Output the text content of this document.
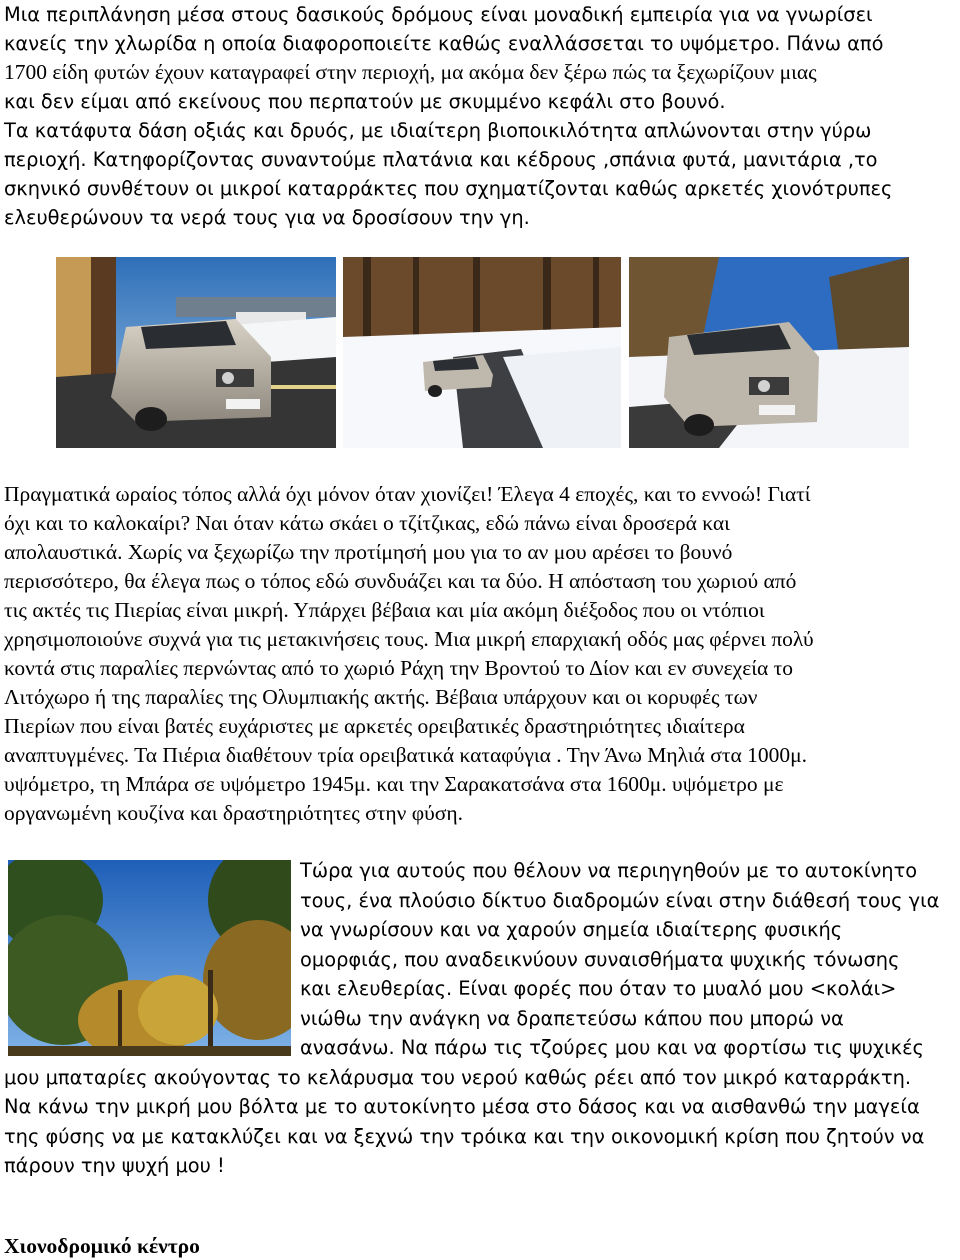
Μια περιπλάνηση μέσα στους δασικούς δρόμους είναι μοναδική εμπειρία για να γνωρίσει
κανείς την χλωρίδα η οποία διαφοροποιείτε καθώς εναλλάσσεται το υψόμετρο. Πάνω από
1700 είδη φυτών έχουν καταγραφεί στην περιοχή, μα ακόμα δεν ξέρω πώς τα ξεχωρίζουν μιας
και δεν είμαι από εκείνους που περπατούν με σκυμμένο κεφάλι στο βουνό.
Τα κατάφυτα δάση οξιάς και δρυός, με ιδιαίτερη βιοποικιλότητα απλώνονται στην γύρω
περιοχή. Κατηφορίζοντας συναντούμε πλατάνια και κέδρους ,σπάνια φυτά, μανιτάρια ,το
σκηνικό συνθέτουν οι μικροί καταρράκτες που σχηματίζονται καθώς αρκετές χιονότρυπες
ελευθερώνουν τα νερά τους για να δροσίσουν την γη.
Πραγματικά ωραίος τόπος αλλά όχι μόνον όταν χιονίζει! Έλεγα 4 εποχές, και το εννοώ! Γιατί
όχι και το καλοκαίρι? Ναι όταν κάτω σκάει ο τζίτζικας, εδώ πάνω είναι δροσερά και
απολαυστικά. Χωρίς να ξεχωρίζω την προτίμησή μου για το αν μου αρέσει το βουνό
περισσότερο, θα έλεγα πως ο τόπος εδώ συνδυάζει και τα δύο. Η απόσταση του χωριού από
τις ακτές τις Πιερίας είναι μικρή. Υπάρχει βέβαια και μία ακόμη διέξοδος που οι ντόπιοι
χρησιμοποιούνε συχνά για τις μετακινήσεις τους. Μια μικρή επαρχιακή οδός μας φέρνει πολύ
κοντά στις παραλίες περνώντας από το χωριό Ράχη την Βροντού το Δίον και εν συνεχεία το
Λιτόχωρο ή της παραλίες της Ολυμπιακής ακτής. Βέβαια υπάρχουν και οι κορυφές των
Πιερίων που είναι βατές ευχάριστες με αρκετές ορειβατικές δραστηριότητες ιδιαίτερα
αναπτυγμένες. Τα Πιέρια διαθέτουν τρία ορειβατικά καταφύγια . Την Άνω Μηλιά στα 1000μ.
υψόμετρο, τη Μπάρα σε υψόμετρο 1945μ. και την Σαρακατσάνα στα 1600μ. υψόμετρο με
οργανωμένη κουζίνα και δραστηριότητες στην φύση.
Τώρα για αυτούς που θέλουν να περιηγηθούν με το αυτοκίνητο
τους, ένα πλούσιο δίκτυο διαδρομών είναι στην διάθεσή τους για
να γνωρίσουν και να χαρούν σημεία ιδιαίτερης φυσικής
ομορφιάς, που αναδεικνύουν συναισθήματα ψυχικής τόνωσης
και ελευθερίας. Είναι φορές που όταν το μυαλό μου <κολάι>
νιώθω την ανάγκη να δραπετεύσω κάπου που μπορώ να
ανασάνω. Να πάρω τις τζούρες μου και να φορτίσω τις ψυχικές
μου μπαταρίες ακούγοντας το κελάρυσμα του νερού καθώς ρέει από τον μικρό καταρράκτη.
Να κάνω την μικρή μου βόλτα με το αυτοκίνητο μέσα στο δάσος και να αισθανθώ την μαγεία
της φύσης να με κατακλύζει και να ξεχνώ την τρόικα και την οικονομική κρίση που ζητούν να
πάρουν την ψυχή μου !
Χιονοδρομικό κέντρο
